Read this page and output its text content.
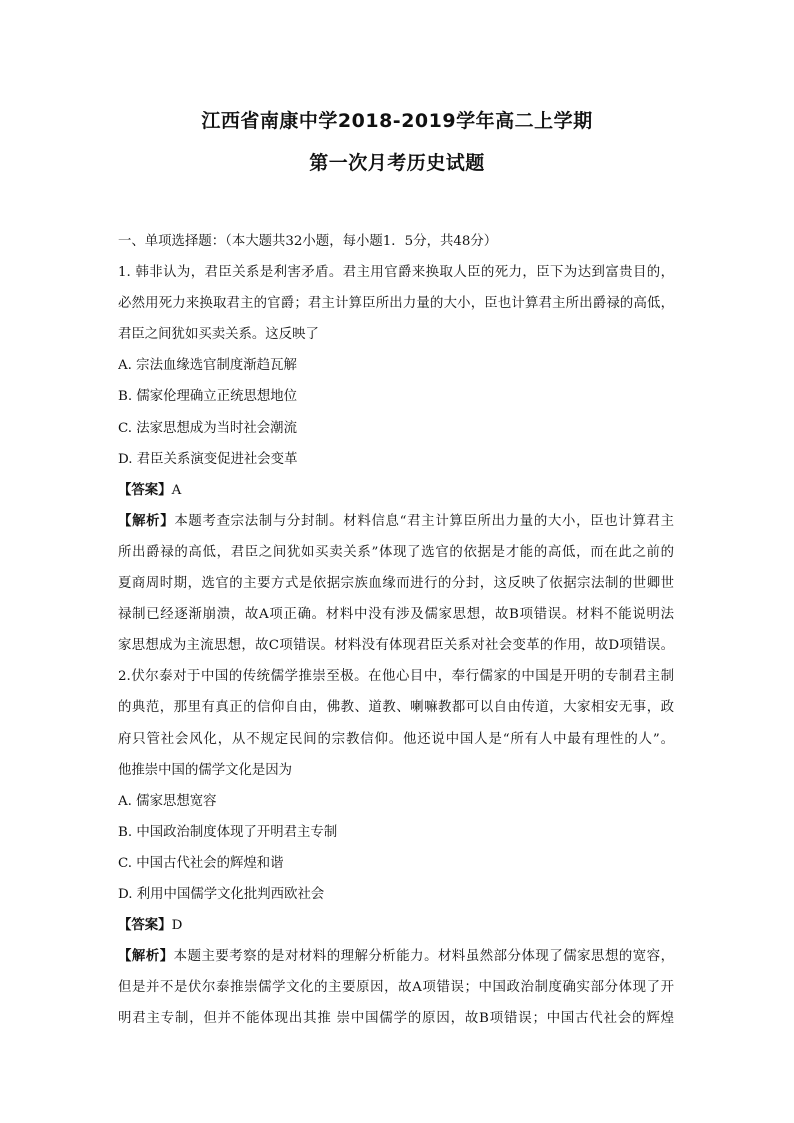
江西省南康中学2018-2019学年高二上学期
第一次月考历史试题
一、单项选择题：（本大题共32小题，每小题1．5分，共48分）
1. 韩非认为，君臣关系是利害矛盾。君主用官爵来换取人臣的死力，臣下为达到富贵目的，
必然用死力来换取君主的官爵；君主计算臣所出力量的大小，臣也计算君主所出爵禄的高低，
君臣之间犹如买卖关系。这反映了
A. 宗法血缘选官制度渐趋瓦解
B. 儒家伦理确立正统思想地位
C. 法家思想成为当时社会潮流
D. 君臣关系演变促进社会变革
【答案】A
【解析】本题考查宗法制与分封制。材料信息“君主计算臣所出力量的大小，臣也计算君主
所出爵禄的高低，君臣之间犹如买卖关系”体现了选官的依据是才能的高低，而在此之前的
夏商周时期，选官的主要方式是依据宗族血缘而进行的分封，这反映了依据宗法制的世卿世
禄制已经逐渐崩溃，故A项正确。材料中没有涉及儒家思想，故B项错误。材料不能说明法
家思想成为主流思想，故C项错误。材料没有体现君臣关系对社会变革的作用，故D项错误。
2.伏尔泰对于中国的传统儒学推崇至极。在他心目中，奉行儒家的中国是开明的专制君主制
的典范，那里有真正的信仰自由，佛教、道教、喇嘛教都可以自由传道，大家相安无事，政
府只管社会风化，从不规定民间的宗教信仰。他还说中国人是“所有人中最有理性的人”。
他推崇中国的儒学文化是因为
A. 儒家思想宽容
B. 中国政治制度体现了开明君主专制
C. 中国古代社会的辉煌和谐
D. 利用中国儒学文化批判西欧社会
【答案】D
【解析】本题主要考察的是对材料的理解分析能力。材料虽然部分体现了儒家思想的宽容，
但是并不是伏尔泰推崇儒学文化的主要原因，故A项错误；中国政治制度确实部分体现了开
明君主专制，但并不能体现出其推 崇中国儒学的原因，故B项错误；中国古代社会的辉煌
